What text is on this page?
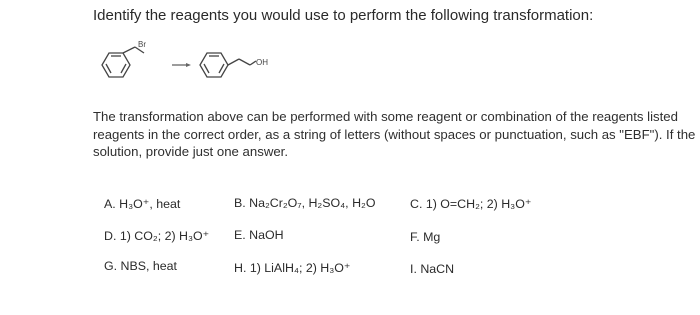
Identify the reagents you would use to perform the following transformation:
Br
OH
The transformation above can be performed with some reagent or combination of the reagents listed
reagents in the correct order, as a string of letters (without spaces or punctuation, such as "EBF"). If the
solution, provide just one answer.
A. H₃O⁺, heat	B. Na₂Cr₂O₇, H₂SO₄, H₂O	C. 1) O=CH₂; 2) H₃O⁺
D. 1) CO₂; 2) H₃O⁺ E. NaOH	F. Mg
G. NBS, heat	H. 1) LiAlH₄; 2) H₃O⁺	I. NaCN
